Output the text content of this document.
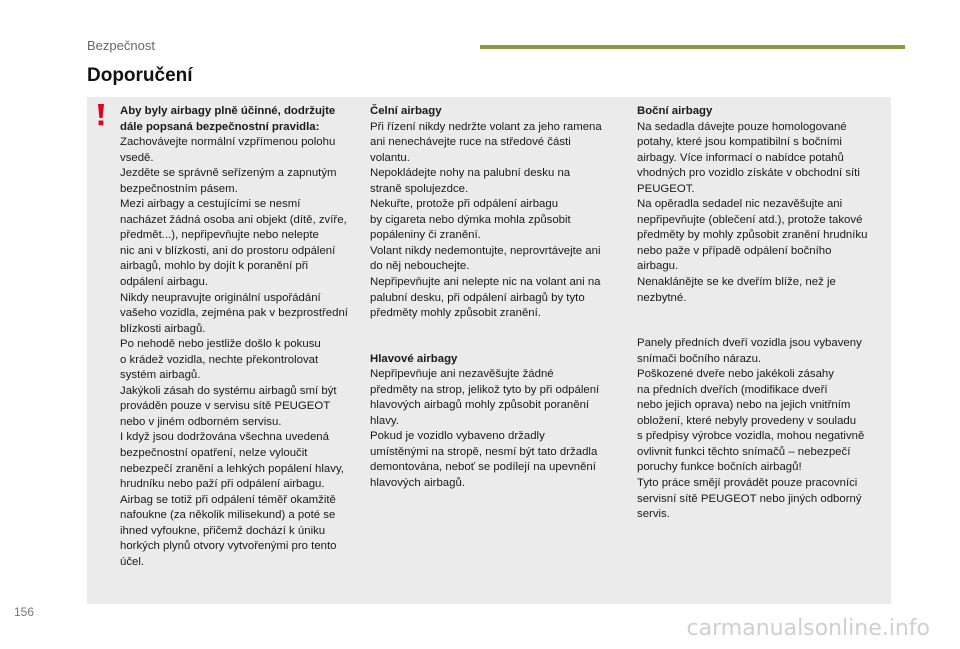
Bezpečnost
Doporučení

Aby byly airbagy plně účinné, dodržujte

dále popsaná bezpečnostní pravidla:

Zachovávejte normální vzpřímenou polohu

vsedě.

Jezděte se správně seřízeným a zapnutým

bezpečnostním pásem.

Mezi airbagy a cestujícími se nesmí

nacházet žádná osoba ani objekt (dítě, zvíře,

předmět...), nepřipevňujte nebo nelepte

nic ani v blízkosti, ani do prostoru odpálení

airbagů, mohlo by dojít k poranění při

odpálení airbagu.

Nikdy neupravujte originální uspořádání

vašeho vozidla, zejména pak v bezprostřední

blízkosti airbagů.

Po nehodě nebo jestliže došlo k pokusu

o krádež vozidla, nechte překontrolovat

systém airbagů.

Jakýkoli zásah do systému airbagů smí být

prováděn pouze v servisu sítě PEUGEOT

nebo v jiném odborném servisu.

I když jsou dodržována všechna uvedená

bezpečnostní opatření, nelze vyloučit

nebezpečí zranění a lehkých popálení hlavy,

hrudníku nebo paží při odpálení airbagu.

Airbag se totiž při odpálení téměř okamžitě

nafoukne (za několik milisekund) a poté se

ihned vyfoukne, přičemž dochází k úniku

horkých plynů otvory vytvořenými pro tento

účel.

Čelní airbagy

Při řízení nikdy nedržte volant za jeho ramena

ani nenechávejte ruce na středové části

volantu.

Nepokládejte nohy na palubní desku na

straně spolujezdce.

Nekuřte, protože při odpálení airbagu

by cigareta nebo dýmka mohla způsobit

popáleniny či zranění.

Volant nikdy nedemontujte, neprovrtávejte ani

do něj nebouchejte.

Nepřipevňujte ani nelepte nic na volant ani na

palubní desku, při odpálení airbagů by tyto

předměty mohly způsobit zranění.

Hlavové airbagy

Nepřipevňuje ani nezavěšujte žádné

předměty na strop, jelikož tyto by při odpálení

hlavových airbagů mohly způsobit poranění

hlavy.

Pokud je vozidlo vybaveno držadly

umístěnými na stropě, nesmí být tato držadla

demontována, neboť se podílejí na upevnění

hlavových airbagů.

Boční airbagy

Na sedadla dávejte pouze homologované

potahy, které jsou kompatibilní s bočními

airbagy. Více informací o nabídce potahů

vhodných pro vozidlo získáte v obchodní síti

PEUGEOT.

Na opěradla sedadel nic nezavěšujte ani

nepřipevňujte (oblečení atd.), protože takové

předměty by mohly způsobit zranění hrudníku

nebo paže v případě odpálení bočního

airbagu.

Nenaklánějte se ke dveřím blíže, než je

nezbytné.

Panely předních dveří vozidla jsou vybaveny

snímači bočního nárazu.

Poškozené dveře nebo jakékoli zásahy

na předních dveřích (modifikace dveří

nebo jejich oprava) nebo na jejich vnitřním

obložení, které nebyly provedeny v souladu

s předpisy výrobce vozidla, mohou negativně

ovlivnit funkci těchto snímačů – nebezpečí

poruchy funkce bočních airbagů!

Tyto práce smějí provádět pouze pracovníci

servisní sítě PEUGEOT nebo jiných odborný

servis.

156
carmanualsonline.info
